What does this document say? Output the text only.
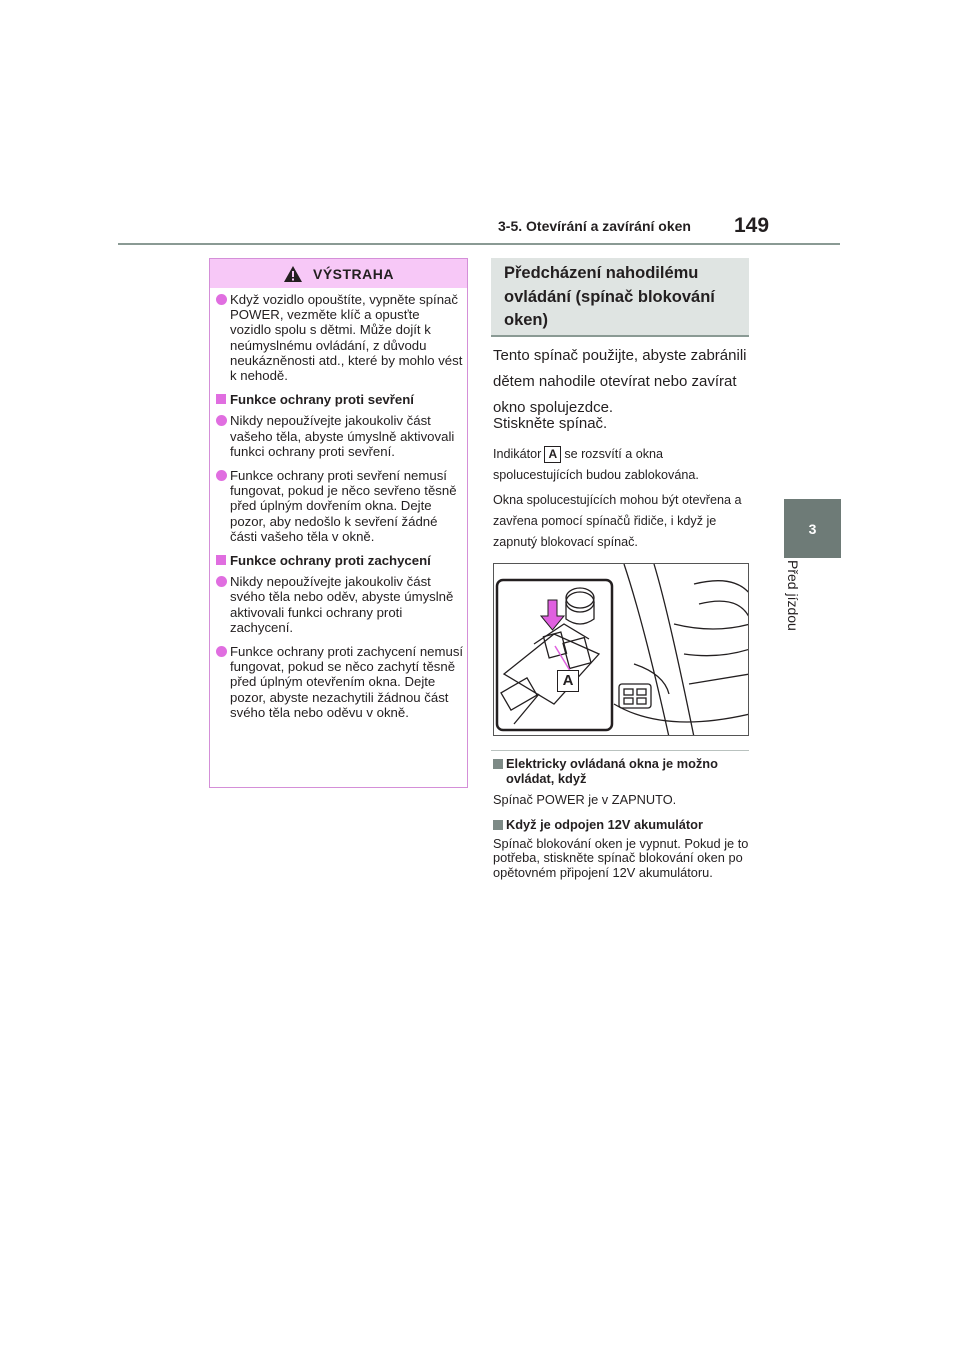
3-5. Otevírání a zavírání oken 149
3
Před jízdou
VÝSTRAHA
Když vozidlo opouštíte, vypněte spínač POWER, vezměte klíč a opusťte vozidlo spolu s dětmi. Může dojít k neúmyslnému ovládání, z důvodu neukázněnosti atd., které by mohlo vést k nehodě.
Funkce ochrany proti sevření
Nikdy nepoužívejte jakoukoliv část vašeho těla, abyste úmyslně aktivovali funkci ochrany proti sevření.
Funkce ochrany proti sevření nemusí fungovat, pokud je něco sevřeno těsně před úplným dovřením okna. Dejte pozor, aby nedošlo k sevření žádné části vašeho těla v okně.
Funkce ochrany proti zachycení
Nikdy nepoužívejte jakoukoliv část svého těla nebo oděv, abyste úmyslně aktivovali funkci ochrany proti zachycení.
Funkce ochrany proti zachycení nemusí fungovat, pokud se něco zachytí těsně před úplným otevřením okna. Dejte pozor, abyste nezachytili žádnou část svého těla nebo oděvu v okně.
Předcházení nahodilému ovládání (spínač blokování oken)
Tento spínač použijte, abyste zabránili dětem nahodile otevírat nebo zavírat okno spolujezdce.
Stiskněte spínač.
Indikátor A se rozsvítí a okna spolucestujících budou zablokována.
Okna spolucestujících mohou být otevřena a zavřena pomocí spínačů řidiče, i když je zapnutý blokovací spínač.
A
Elektricky ovládaná okna je možno ovládat, když
Spínač POWER je v ZAPNUTO.
Když je odpojen 12V akumulátor
Spínač blokování oken je vypnut. Pokud je to potřeba, stiskněte spínač blokování oken po opětovném připojení 12V akumulátoru.
